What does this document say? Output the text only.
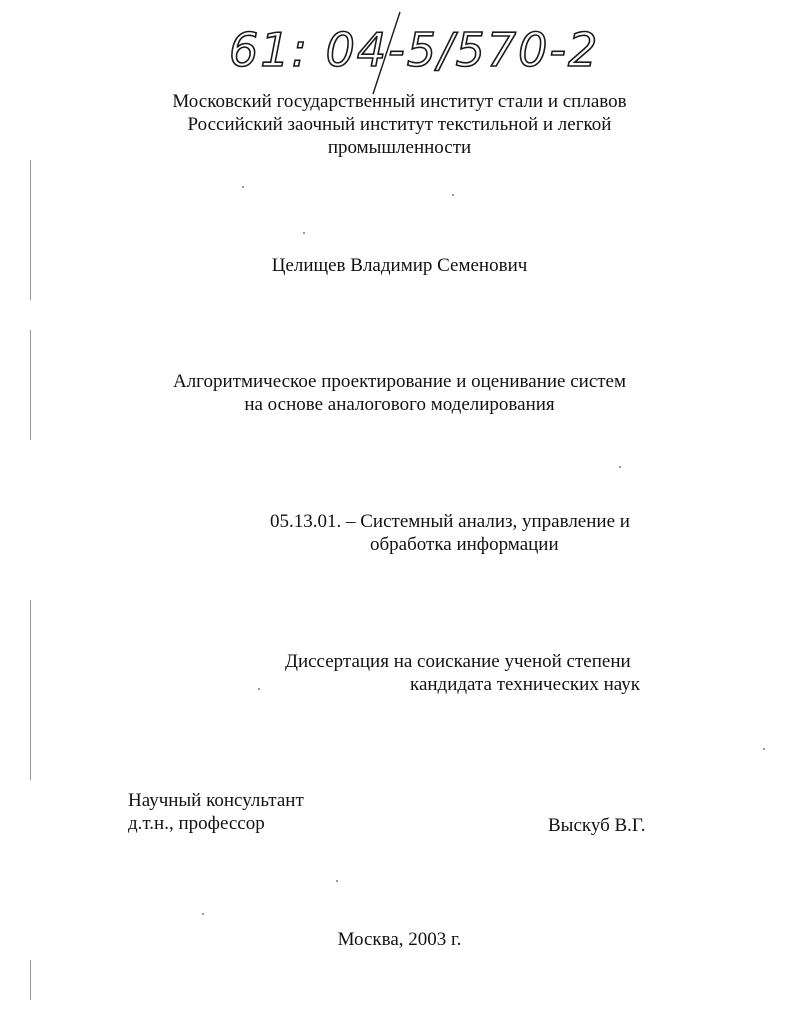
61: 04-5/570-2
Московский государственный институт стали и сплавов
Российский заочный институт текстильной и легкой
промышленности
Целищев Владимир Семенович
Алгоритмическое проектирование и оценивание систем
на основе аналогового моделирования
05.13.01. – Системный анализ, управление и
обработка информации
Диссертация на соискание ученой степени
кандидата технических наук
Научный консультант
д.т.н., профессор	Выскуб В.Г.
Москва, 2003 г.
